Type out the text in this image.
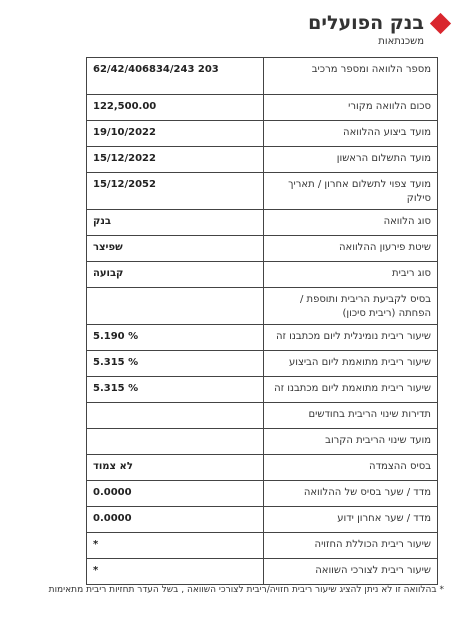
בנק הפועלים
משכנתאות
מספר הלוואה ומספר מרכיב	62/42/406834/243 203

סכום הלוואה מקורי	122,500.00

מועד ביצוע ההלוואה	19/10/2022

מועד התשלום הראשון	15/12/2022

מועד צפוי לתשלום אחרון / תאריך סילוק	15/12/2052

סוג הלוואה	בנק

שיטת פירעון ההלוואה	שפיצר

סוג ריבית	קבועה

בסיס לקביעת הריבית ותוספת / הפחתה (ריבית סיכון)	

שיעור ריבית נומינלית ליום מכתבנו זה	5.190 %

שיעור ריבית מתואמת ליום הביצוע	5.315 %

שיעור ריבית מתואמת ליום מכתבנו זה	5.315 %

תדירות שינוי הריבית בחודשים	

מועד שינוי הריבית הקרוב	

בסיס ההצמדה	לא צמוד

מדד / שער בסיס של ההלוואה	0.0000

מדד / שער אחרון ידוע	0.0000

שיעור ריבית הכוללת החזויה	*

שיעור ריבית לצורכי השוואה	*
* בהלוואה זו לא ניתן להציג שיעור ריבית חזויה/ריבית לצורכי השוואה , בשל העדר תחזיות ריבית מתאימות
